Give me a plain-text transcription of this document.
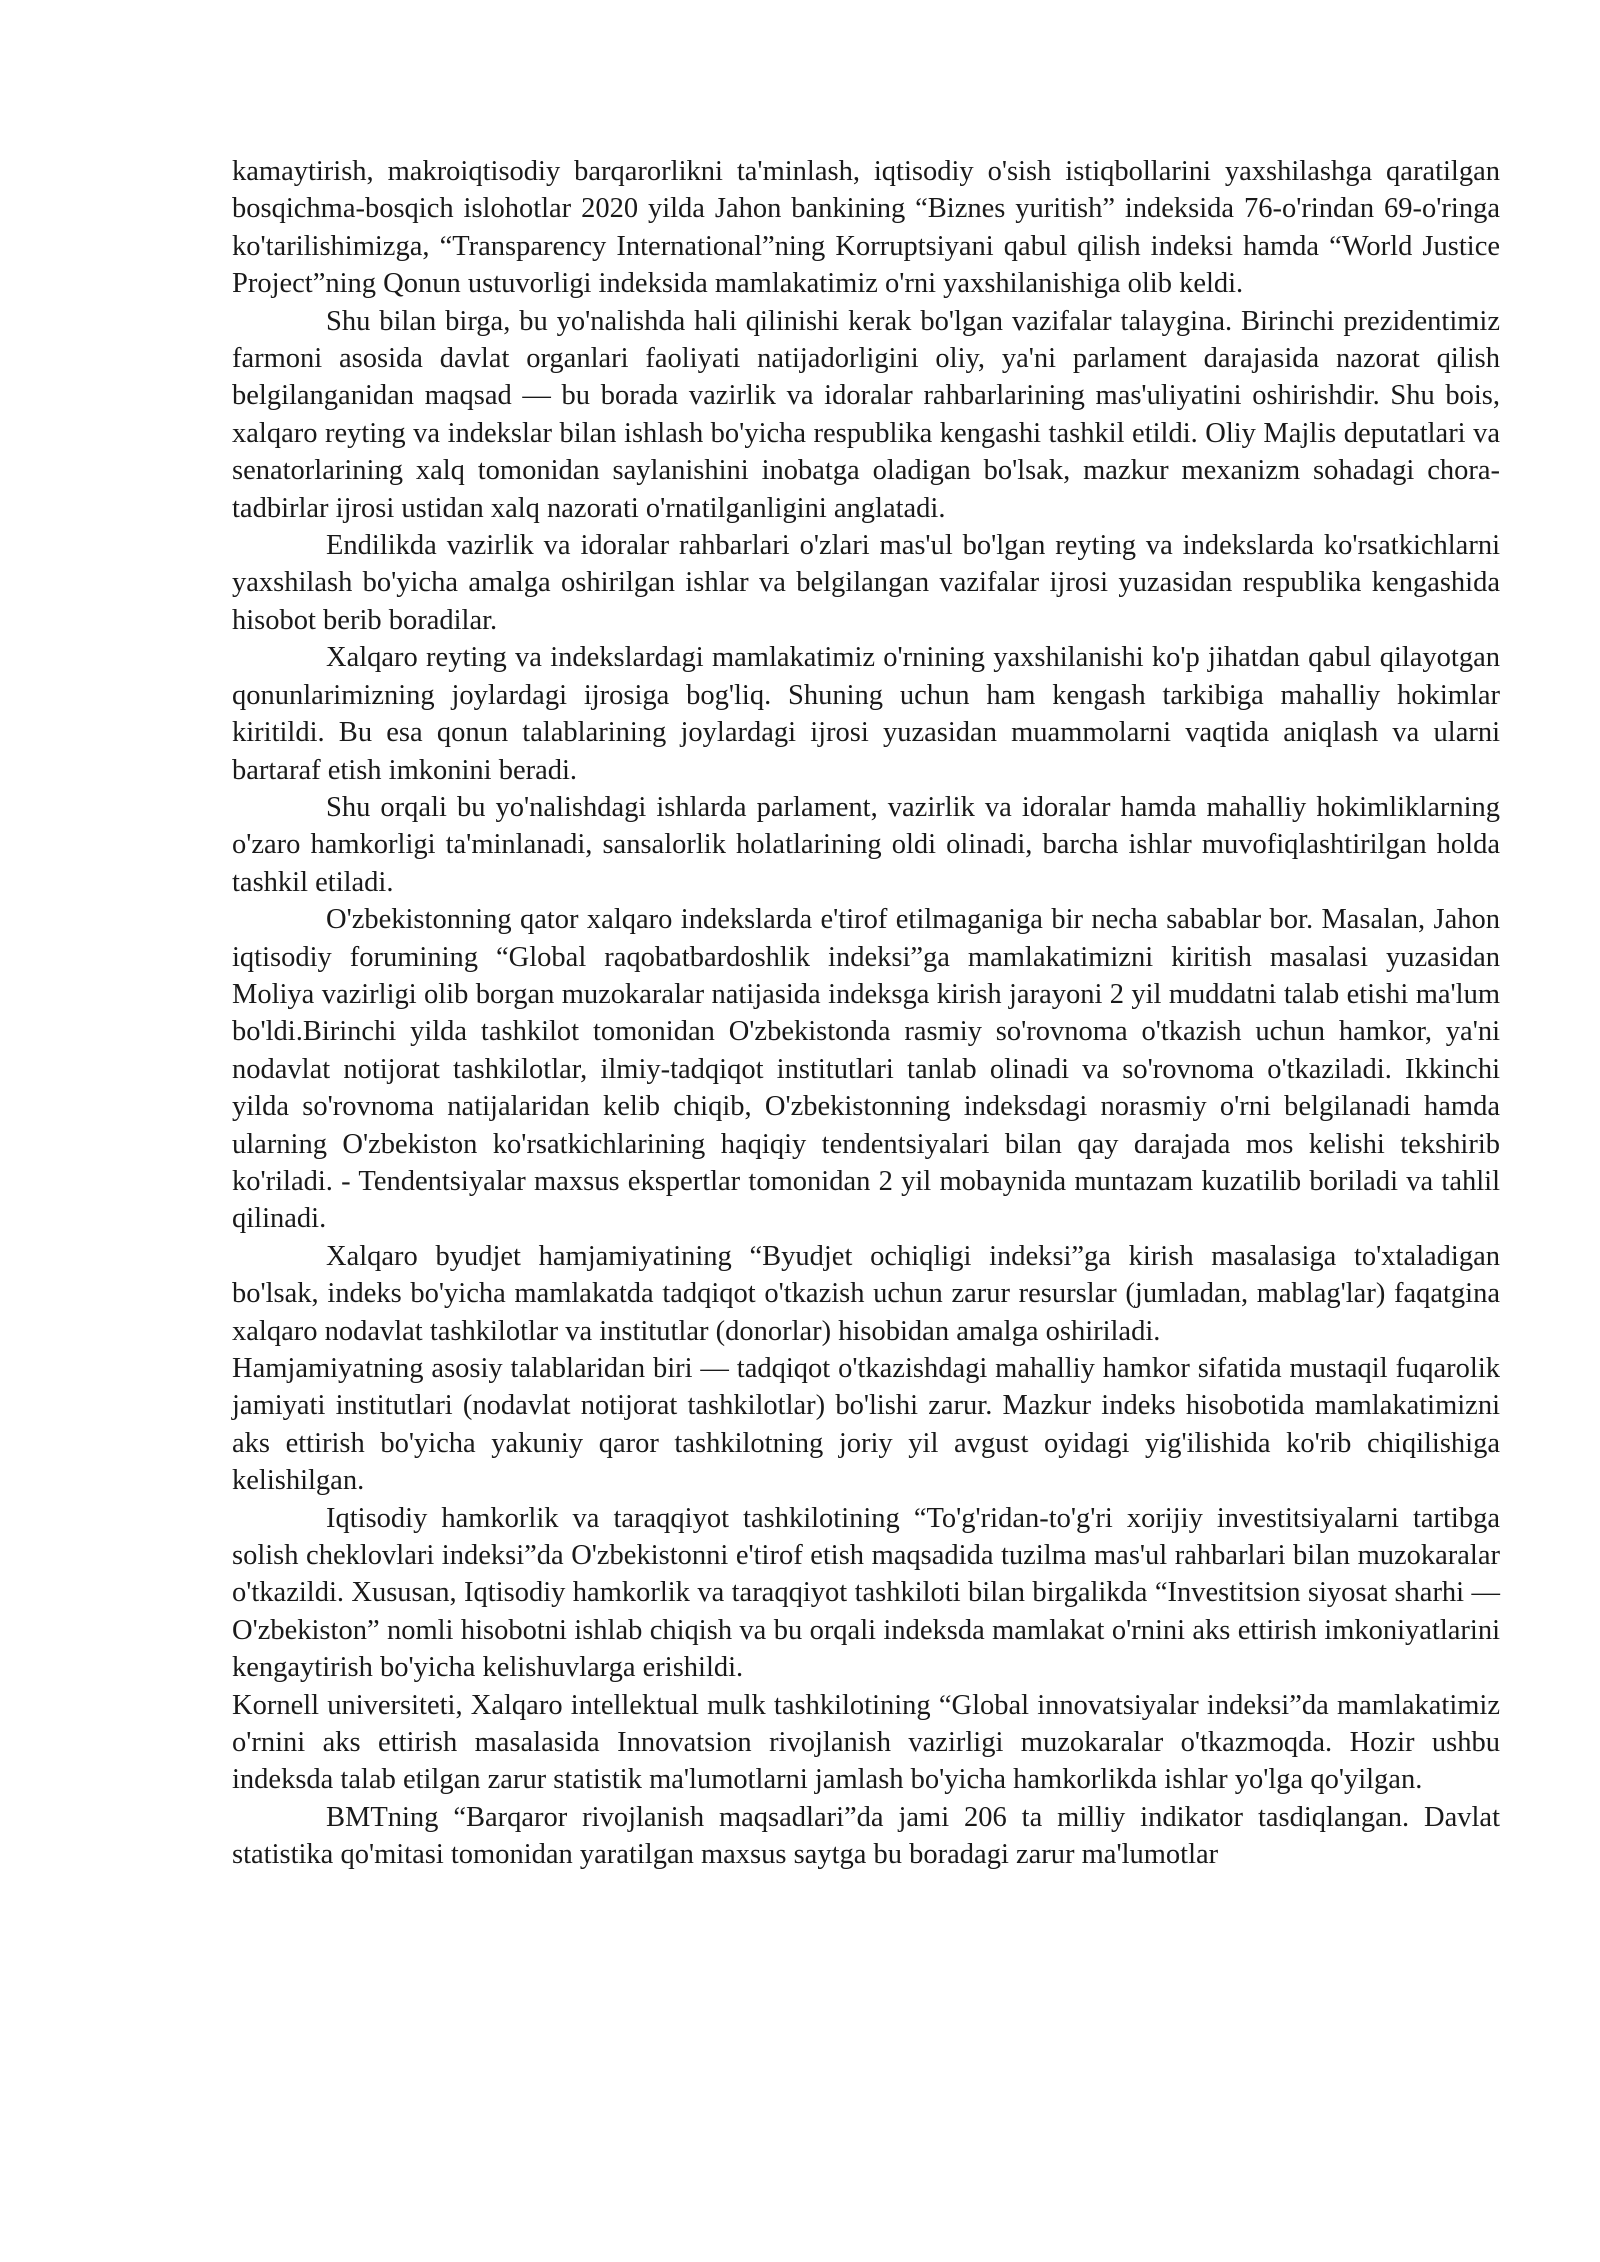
kamaytirish, makroiqtisodiy barqarorlikni ta'minlash, iqtisodiy o'sish istiqbollarini yaxshilashga qaratilgan bosqichma-bosqich islohotlar 2020 yilda Jahon bankining “Biznes yuritish” indeksida 76-o'rindan 69-o'ringa ko'tarilishimizga, “Transparency International”ning Korruptsiyani qabul qilish indeksi hamda “World Justice Project”ning Qonun ustuvorligi indeksida mamlakatimiz o'rni yaxshilanishiga olib keldi.

Shu bilan birga, bu yo'nalishda hali qilinishi kerak bo'lgan vazifalar talaygina. Birinchi prezidentimiz farmoni asosida davlat organlari faoliyati natijadorligini oliy, ya'ni parlament darajasida nazorat qilish belgilanganidan maqsad — bu borada vazirlik va idoralar rahbarlarining mas'uliyatini oshirishdir. Shu bois, xalqaro reyting va indekslar bilan ishlash bo'yicha respublika kengashi tashkil etildi. Oliy Majlis deputatlari va senatorlarining xalq tomonidan saylanishini inobatga oladigan bo'lsak, mazkur mexanizm sohadagi chora-tadbirlar ijrosi ustidan xalq nazorati o'rnatilganligini anglatadi.

Endilikda vazirlik va idoralar rahbarlari o'zlari mas'ul bo'lgan reyting va indekslarda ko'rsatkichlarni yaxshilash bo'yicha amalga oshirilgan ishlar va belgilangan vazifalar ijrosi yuzasidan respublika kengashida hisobot berib boradilar.

Xalqaro reyting va indekslardagi mamlakatimiz o'rnining yaxshilanishi ko'p jihatdan qabul qilayotgan qonunlarimizning joylardagi ijrosiga bog'liq. Shuning uchun ham kengash tarkibiga mahalliy hokimlar kiritildi. Bu esa qonun talablarining joylardagi ijrosi yuzasidan muammolarni vaqtida aniqlash va ularni bartaraf etish imkonini beradi.

Shu orqali bu yo'nalishdagi ishlarda parlament, vazirlik va idoralar hamda mahalliy hokimliklarning o'zaro hamkorligi ta'minlanadi, sansalorlik holatlarining oldi olinadi, barcha ishlar muvofiqlashtirilgan holda tashkil etiladi.

O'zbekistonning qator xalqaro indekslarda e'tirof etilmaganiga bir necha sabablar bor. Masalan, Jahon iqtisodiy forumining “Global raqobatbardoshlik indeksi”ga mamlakatimizni kiritish masalasi yuzasidan Moliya vazirligi olib borgan muzokaralar natijasida indeksga kirish jarayoni 2 yil muddatni talab etishi ma'lum bo'ldi.Birinchi yilda tashkilot tomonidan O'zbekistonda rasmiy so'rovnoma o'tkazish uchun hamkor, ya'ni nodavlat notijorat tashkilotlar, ilmiy-tadqiqot institutlari tanlab olinadi va so'rovnoma o'tkaziladi. Ikkinchi yilda so'rovnoma natijalaridan kelib chiqib, O'zbekistonning indeksdagi norasmiy o'rni belgilanadi hamda ularning O'zbekiston ko'rsatkichlarining haqiqiy tendentsiyalari bilan qay darajada mos kelishi tekshirib ko'riladi. - Tendentsiyalar maxsus ekspertlar tomonidan 2 yil mobaynida muntazam kuzatilib boriladi va tahlil qilinadi.

Xalqaro byudjet hamjamiyatining “Byudjet ochiqligi indeksi”ga kirish masalasiga to'xtaladigan bo'lsak, indeks bo'yicha mamlakatda tadqiqot o'tkazish uchun zarur resurslar (jumladan, mablag'lar) faqatgina xalqaro nodavlat tashkilotlar va institutlar (donorlar) hisobidan amalga oshiriladi.

Hamjamiyatning asosiy talablaridan biri — tadqiqot o'tkazishdagi mahalliy hamkor sifatida mustaqil fuqarolik jamiyati institutlari (nodavlat notijorat tashkilotlar) bo'lishi zarur. Mazkur indeks hisobotida mamlakatimizni aks ettirish bo'yicha yakuniy qaror tashkilotning joriy yil avgust oyidagi yig'ilishida ko'rib chiqilishiga kelishilgan.

Iqtisodiy hamkorlik va taraqqiyot tashkilotining “To'g'ridan-to'g'ri xorijiy investitsiyalarni tartibga solish cheklovlari indeksi”da O'zbekistonni e'tirof etish maqsadida tuzilma mas'ul rahbarlari bilan muzokaralar o'tkazildi. Xususan, Iqtisodiy hamkorlik va taraqqiyot tashkiloti bilan birgalikda “Investitsion siyosat sharhi — O'zbekiston” nomli hisobotni ishlab chiqish va bu orqali indeksda mamlakat o'rnini aks ettirish imkoniyatlarini kengaytirish bo'yicha kelishuvlarga erishildi.

Kornell universiteti, Xalqaro intellektual mulk tashkilotining “Global innovatsiyalar indeksi”da mamlakatimiz o'rnini aks ettirish masalasida Innovatsion rivojlanish vazirligi muzokaralar o'tkazmoqda. Hozir ushbu indeksda talab etilgan zarur statistik ma'lumotlarni jamlash bo'yicha hamkorlikda ishlar yo'lga qo'yilgan.

BMTning “Barqaror rivojlanish maqsadlari”da jami 206 ta milliy indikator tasdiqlangan. Davlat statistika qo'mitasi tomonidan yaratilgan maxsus saytga bu boradagi zarur ma'lumotlar
